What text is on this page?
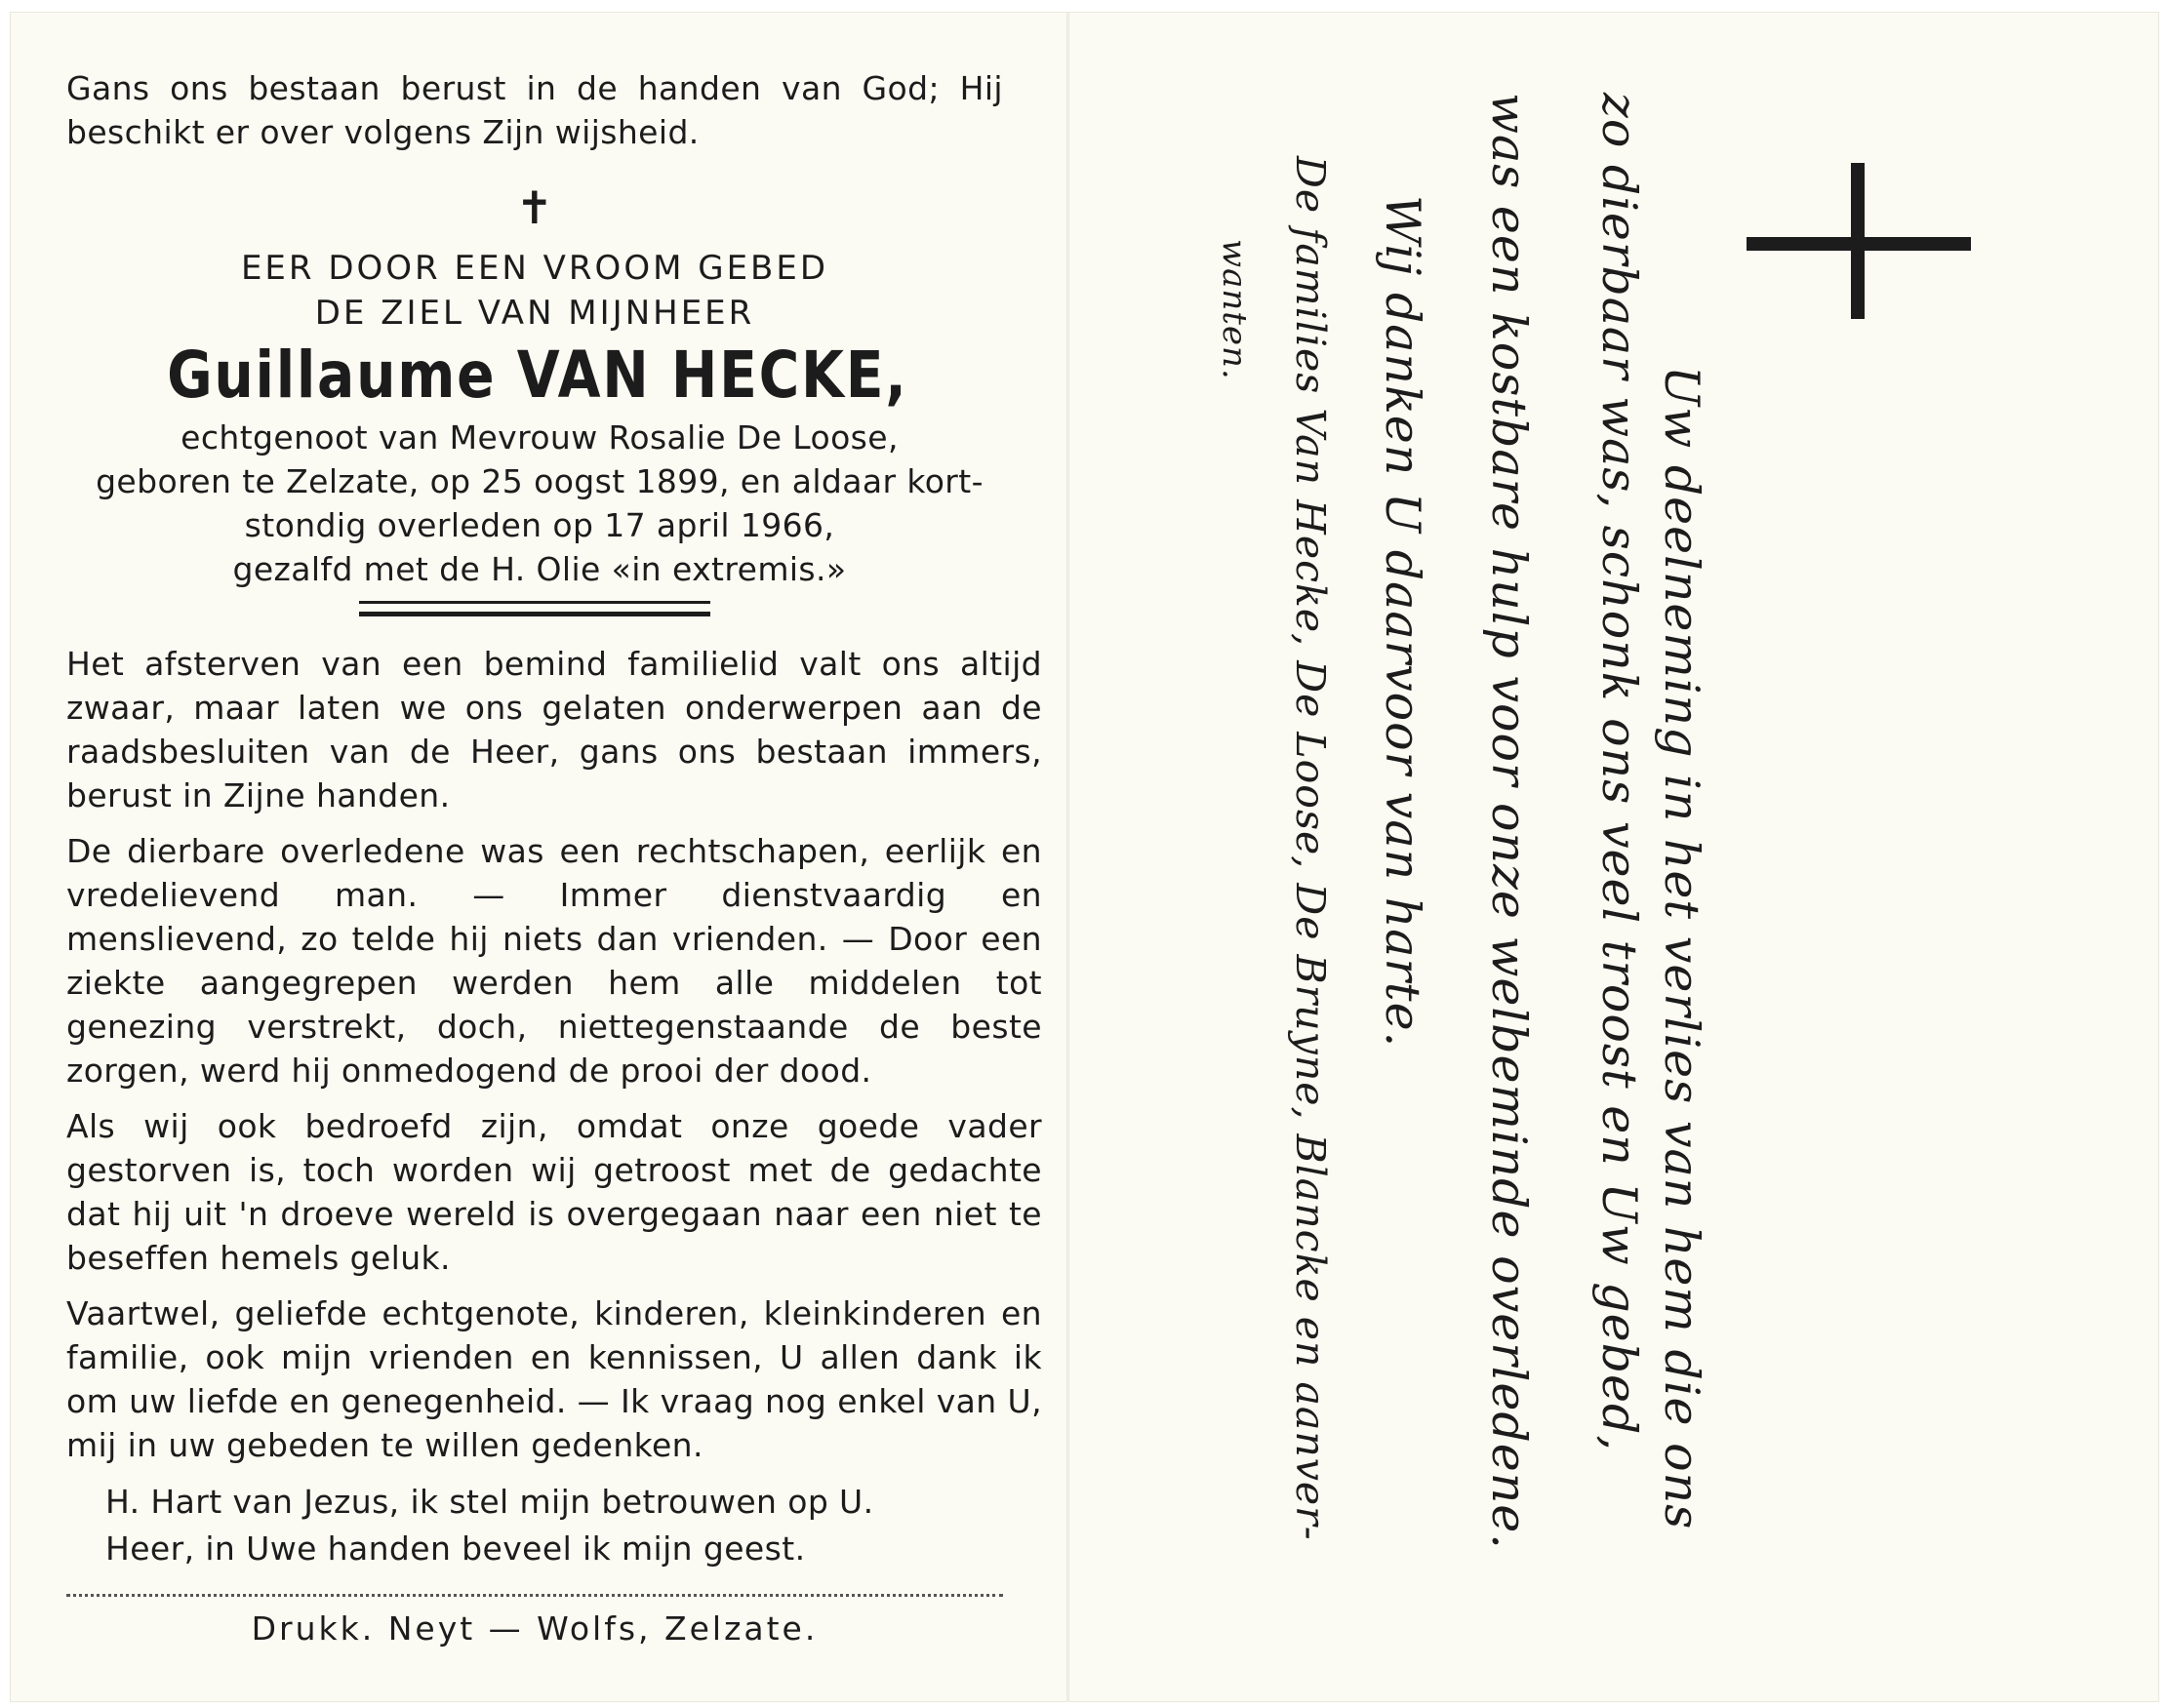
Gans ons bestaan berust in de handen van God; Hij beschikt er over volgens Zijn wijsheid.

✝

EER DOOR EEN VROOM GEBED

DE ZIEL VAN MIJNHEER

Guillaume VAN HECKE,

echtgenoot van Mevrouw Rosalie De Loose,

geboren te Zelzate, op 25 oogst 1899, en aldaar kort-

stondig overleden op 17 april 1966,

gezalfd met de H. Olie «in extremis.»

Het afsterven van een bemind familielid valt ons altijd zwaar, maar laten we ons gelaten onderwerpen aan de raadsbesluiten van de Heer, gans ons bestaan immers, berust in Zijne handen.

De dierbare overledene was een rechtschapen, eerlijk en vredelievend man. — Immer dienstvaardig en menslievend, zo telde hij niets dan vrienden. — Door een ziekte aangegrepen werden hem alle middelen tot genezing verstrekt, doch, niettegenstaande de beste zorgen, werd hij onmedogend de prooi der dood.

Als wij ook bedroefd zijn, omdat onze goede vader gestorven is, toch worden wij getroost met de gedachte dat hij uit 'n droeve wereld is overgegaan naar een niet te beseffen hemels geluk.

Vaartwel, geliefde echtgenote, kinderen, kleinkinderen en familie, ook mijn vrienden en kennissen, U allen dank ik om uw liefde en genegenheid. — Ik vraag nog enkel van U, mij in uw gebeden te willen gedenken.

H. Hart van Jezus, ik stel mijn betrouwen op U.

Heer, in Uwe handen beveel ik mijn geest.

Drukk. Neyt — Wolfs, Zelzate.

Uw deelneming in het verlies van hem die ons
zo dierbaar was, schonk ons veel troost en Uw gebed,
was een kostbare hulp voor onze welbeminde overledene.
Wij danken U daarvoor van harte.
De families Van Hecke, De Loose, De Bruyne, Blancke en aanver-
wanten.
